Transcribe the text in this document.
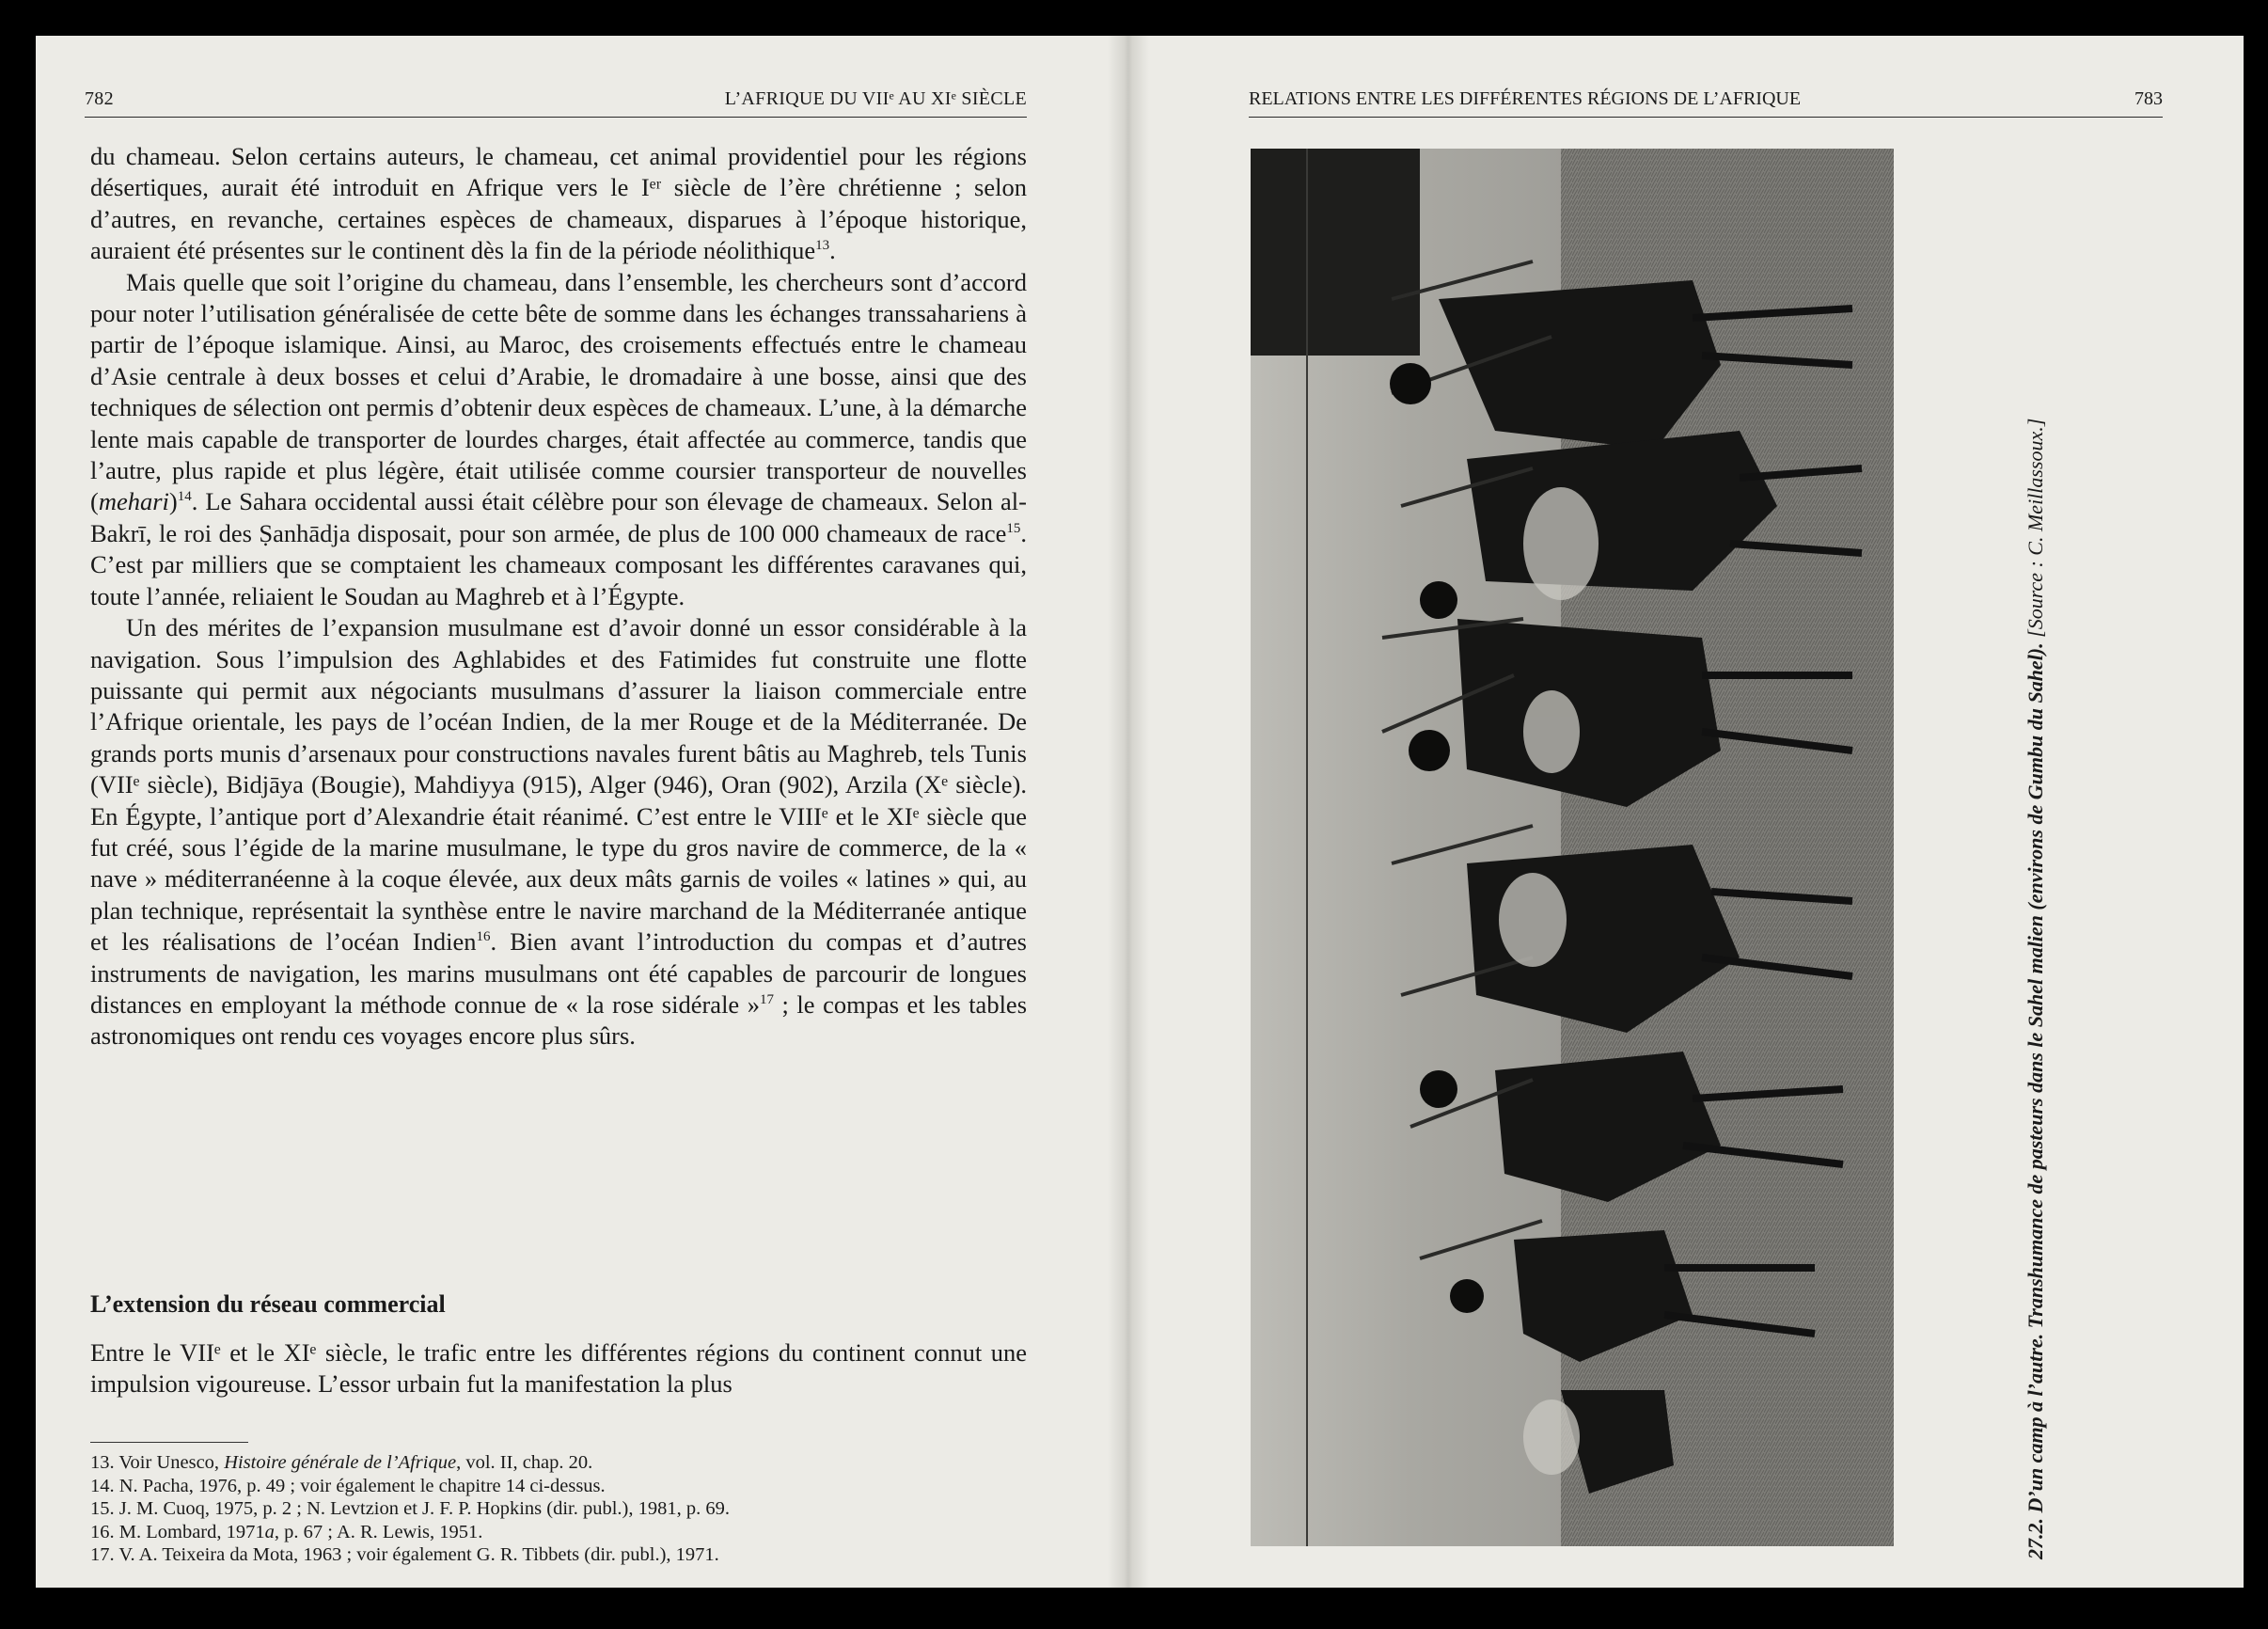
782	L’AFRIQUE DU VIIᵉ AU XIᵉ SIÈCLE

du chameau. Selon certains auteurs, le chameau, cet animal providentiel pour les régions désertiques, aurait été introduit en Afrique vers le Iᵉʳ siècle de l’ère chrétienne ; selon d’autres, en revanche, certaines espèces de chameaux, disparues à l’époque historique, auraient été présentes sur le continent dès la fin de la période néolithique$^{13}$.

Mais quelle que soit l’origine du chameau, dans l’ensemble, les chercheurs sont d’accord pour noter l’utilisation généralisée de cette bête de somme dans les échanges transsahariens à partir de l’époque islamique. Ainsi, au Maroc, des croisements effectués entre le chameau d’Asie centrale à deux bosses et celui d’Arabie, le dromadaire à une bosse, ainsi que des techniques de sélection ont permis d’obtenir deux espèces de chameaux. L’une, à la démarche lente mais capable de transporter de lourdes charges, était affectée au commerce, tandis que l’autre, plus rapide et plus légère, était utilisée comme coursier transporteur de nouvelles (mehari)$^{14}$. Le Sahara occidental aussi était célèbre pour son élevage de chameaux. Selon al-Bakrī, le roi des Ṣanhādja disposait, pour son armée, de plus de 100 000 chameaux de race$^{15}$. C’est par milliers que se comptaient les chameaux composant les différentes caravanes qui, toute l’année, reliaient le Soudan au Maghreb et à l’Égypte.

Un des mérites de l’expansion musulmane est d’avoir donné un essor considérable à la navigation. Sous l’impulsion des Aghlabides et des Fatimides fut construite une flotte puissante qui permit aux négociants musulmans d’assurer la liaison commerciale entre l’Afrique orientale, les pays de l’océan Indien, de la mer Rouge et de la Méditerranée. De grands ports munis d’arsenaux pour constructions navales furent bâtis au Maghreb, tels Tunis (VIIᵉ siècle), Bidjāya (Bougie), Mahdiyya (915), Alger (946), Oran (902), Arzila (Xᵉ siècle). En Égypte, l’antique port d’Alexandrie était réanimé. C’est entre le VIIIᵉ et le XIᵉ siècle que fut créé, sous l’égide de la marine musulmane, le type du gros navire de commerce, de la « nave » méditerranéenne à la coque élevée, aux deux mâts garnis de voiles « latines » qui, au plan technique, représentait la synthèse entre le navire marchand de la Méditerranée antique et les réalisations de l’océan Indien$^{16}$. Bien avant l’introduction du compas et d’autres instruments de navigation, les marins musulmans ont été capables de parcourir de longues distances en employant la méthode connue de « la rose sidérale »$^{17}$ ; le compas et les tables astronomiques ont rendu ces voyages encore plus sûrs.

L’extension du réseau commercial

Entre le VIIᵉ et le XIᵉ siècle, le trafic entre les différentes régions du continent connut une impulsion vigoureuse. L’essor urbain fut la manifestation la plus

13. Voir Unesco, Histoire générale de l’Afrique, vol. II, chap. 20.
14. N. Pacha, 1976, p. 49 ; voir également le chapitre 14 ci-dessus.
15. J. M. Cuoq, 1975, p. 2 ; N. Levtzion et J. F. P. Hopkins (dir. publ.), 1981, p. 69.
16. M. Lombard, 1971a, p. 67 ; A. R. Lewis, 1951.
17. V. A. Teixeira da Mota, 1963 ; voir également G. R. Tibbets (dir. publ.), 1971.
RELATIONS ENTRE LES DIFFÉRENTES RÉGIONS DE L’AFRIQUE	783
27.2. D’un camp à l’autre. Transhumance de pasteurs dans le Sahel malien (environs de Gumbu du Sahel). [Source : C. Meillassoux.]
